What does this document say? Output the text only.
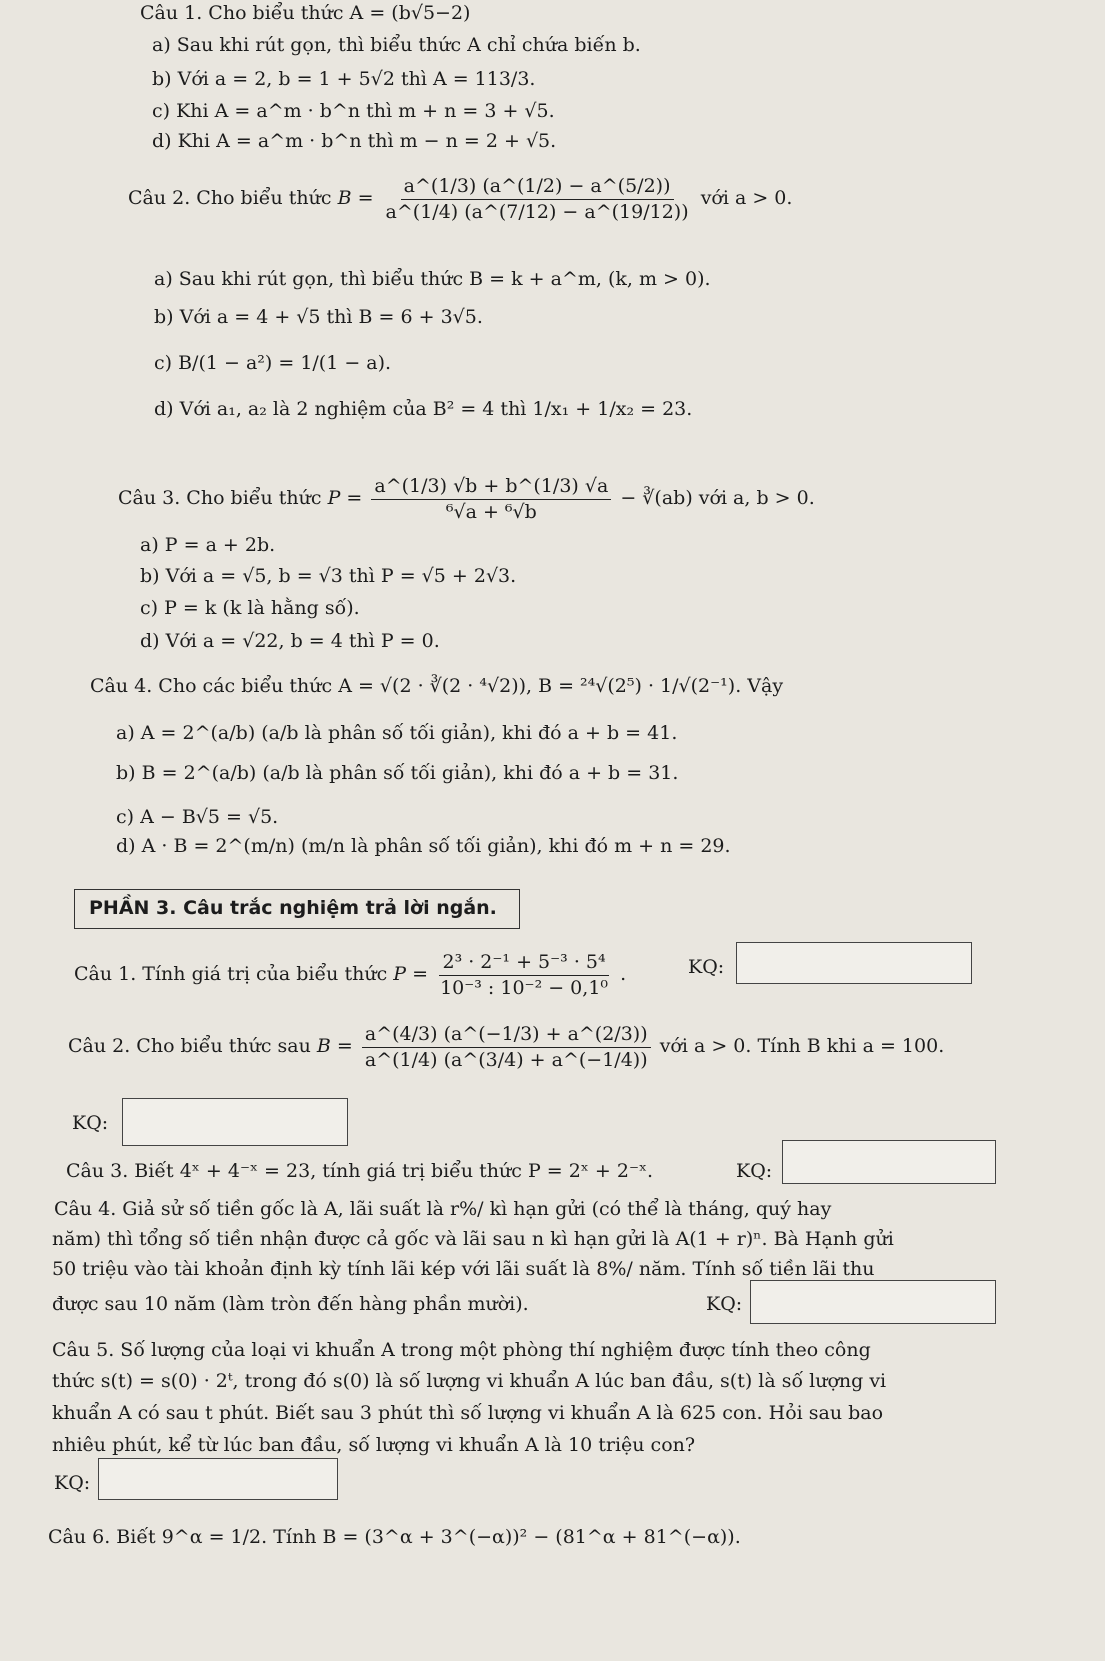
Câu 1. Cho biểu thức A = (b√5−2)
a) Sau khi rút gọn, thì biểu thức A chỉ chứa biến b.
b) Với a = 2, b = 1 + 5√2 thì A = 113/3.
c) Khi A = a^m · b^n thì m + n = 3 + √5.
d) Khi A = a^m · b^n thì m − n = 2 + √5.
Câu 2. Cho biểu thức $B = \frac{a\^{}(1/3) (a\^{}(1/2) - a\^{}(5/2))}{a\^{}(1/4) (a\^{}(7/12) - a\^{}(19/12))}$ với a > 0.
a) Sau khi rút gọn, thì biểu thức B = k + a^m, (k, m > 0).
b) Với a = 4 + √5 thì B = 6 + 3√5.
c) B/(1 − a²) = 1/(1 − a).
d) Với a₁, a₂ là 2 nghiệm của B² = 4 thì 1/x₁ + 1/x₂ = 23.
Câu 3. Cho biểu thức $P = \frac{a\^{}(1/3) √b + b\^{}(1/3) √a}{\text{⁶√a + ⁶√b}}$ − ∛(ab) với a, b > 0.
a) P = a + 2b.
b) Với a = √5, b = √3 thì P = √5 + 2√3.
c) P = k (k là hằng số).
d) Với a = √22, b = 4 thì P = 0.
Câu 4. Cho các biểu thức A = √(2 · ∛(2 · ⁴√2)), B = ²⁴√(2⁵) · 1/√(2⁻¹). Vậy
a) A = 2^(a/b) (a/b là phân số tối giản), khi đó a + b = 41.
b) B = 2^(a/b) (a/b là phân số tối giản), khi đó a + b = 31.
c) A − B√5 = √5.
d) A · B = 2^(m/n) (m/n là phân số tối giản), khi đó m + n = 29.
PHẦN 3. Câu trắc nghiệm trả lời ngắn.
Câu 1. Tính giá trị của biểu thức $P = \frac{\text{2³ · 2⁻¹ + 5⁻³ · 5⁴}}{\text{10⁻³ : 10⁻² − 0,1⁰}}$ .	KQ:
Câu 2. Cho biểu thức sau $B = \frac{a\^{}(4/3) (a\^{}(-1/3) + a\^{}(2/3))}{a\^{}(1/4) (a\^{}(3/4) + a\^{}(-1/4))}$ với a > 0. Tính B khi a = 100.
KQ:
Câu 3. Biết 4ˣ + 4⁻ˣ = 23, tính giá trị biểu thức P = 2ˣ + 2⁻ˣ.	KQ:
Câu 4. Giả sử số tiền gốc là A, lãi suất là r%/ kì hạn gửi (có thể là tháng, quý hay
năm) thì tổng số tiền nhận được cả gốc và lãi sau n kì hạn gửi là A(1 + r)ⁿ. Bà Hạnh gửi
50 triệu vào tài khoản định kỳ tính lãi kép với lãi suất là 8%/ năm. Tính số tiền lãi thu
được sau 10 năm (làm tròn đến hàng phần mười).	KQ:
Câu 5. Số lượng của loại vi khuẩn A trong một phòng thí nghiệm được tính theo công
thức s(t) = s(0) · 2ᵗ, trong đó s(0) là số lượng vi khuẩn A lúc ban đầu, s(t) là số lượng vi
khuẩn A có sau t phút. Biết sau 3 phút thì số lượng vi khuẩn A là 625 con. Hỏi sau bao
nhiêu phút, kể từ lúc ban đầu, số lượng vi khuẩn A là 10 triệu con?
KQ:
Câu 6. Biết 9^α = 1/2. Tính B = (3^α + 3^(−α))² − (81^α + 81^(−α)).
